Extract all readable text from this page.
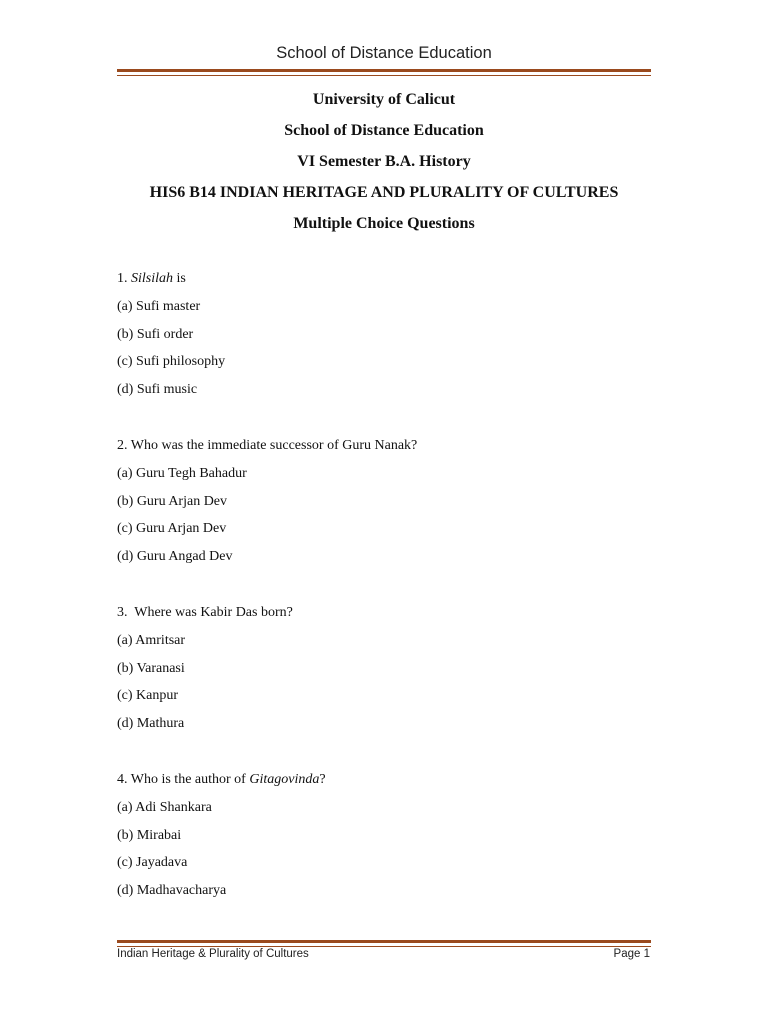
School of Distance Education
University of Calicut
School of Distance Education
VI Semester B.A. History
HIS6 B14 INDIAN HERITAGE AND PLURALITY OF CULTURES
Multiple Choice Questions
1. Silsilah is
(a) Sufi master
(b) Sufi order
(c) Sufi philosophy
(d) Sufi music
2. Who was the immediate successor of Guru Nanak?
(a) Guru Tegh Bahadur
(b) Guru Arjan Dev
(c) Guru Arjan Dev
(d) Guru Angad Dev
3.  Where was Kabir Das born?
(a) Amritsar
(b) Varanasi
(c) Kanpur
(d) Mathura
4. Who is the author of Gitagovinda?
(a) Adi Shankara
(b) Mirabai
(c) Jayadava
(d) Madhavacharya
Indian Heritage & Plurality of Cultures	Page 1
